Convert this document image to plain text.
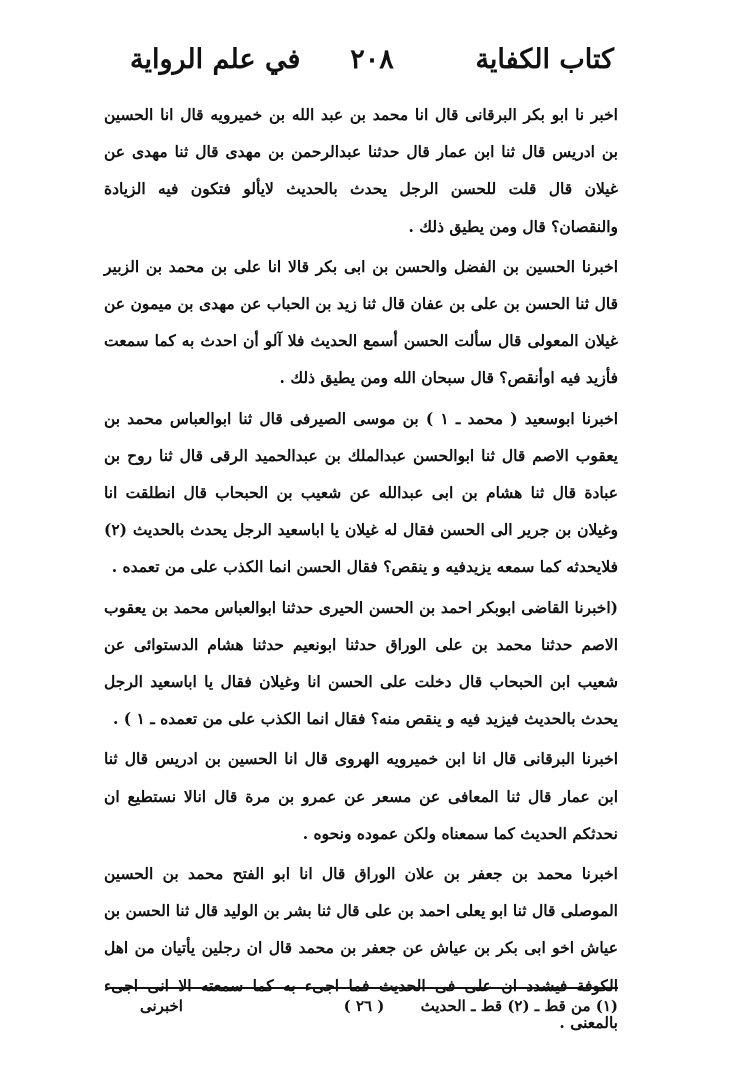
كتاب الكفاية
٢٠٨
في علم الرواية

اخبر نا ابو بكر البرقانى قال انا محمد بن عبد الله بن خميرويه قال انا الحسين بن ادريس قال ثنا ابن عمار قال حدثنا عبدالرحمن بن مهدى قال ثنا مهدى عن غيلان قال قلت للحسن الرجل يحدث بالحديث لايألو فتكون فيه الزيادة والنقصان؟ قال ومن يطيق ذلك .

اخبرنا الحسين بن الفضل والحسن بن ابى بكر قالا انا على بن محمد بن الزبير قال ثنا الحسن بن على بن عفان قال ثنا زيد بن الحباب عن مهدى بن ميمون عن غيلان المعولى قال سألت الحسن أسمع الحديث فلا آلو أن احدث به كما سمعت فأزيد فيه اوأنقص؟ قال سبحان الله ومن يطيق ذلك .

اخبرنا ابوسعيد ( محمد ـ ١ ) بن موسى الصيرفى قال ثنا ابوالعباس محمد بن يعقوب الاصم قال ثنا ابوالحسن عبدالملك بن عبدالحميد الرقى قال ثنا روح بن عبادة قال ثنا هشام بن ابى عبدالله عن شعيب بن الحبحاب قال انطلقت انا وغيلان بن جرير الى الحسن فقال له غيلان يا اباسعيد الرجل يحدث بالحديث (٢) فلايحدثه كما سمعه يزيدفيه و ينقص؟ فقال الحسن انما الكذب على من تعمده .

(اخبرنا القاضى ابوبكر احمد بن الحسن الحيرى حدثنا ابوالعباس محمد بن يعقوب الاصم حدثنا محمد بن على الوراق حدثنا ابونعيم حدثنا هشام الدستوائى عن شعيب ابن الحبحاب قال دخلت على الحسن انا وغيلان فقال يا اباسعيد الرجل يحدث بالحديث فيزيد فيه و ينقص منه؟ فقال انما الكذب على من تعمده ـ ١ ) .

اخبرنا البرقانى قال انا ابن خميرويه الهروى قال انا الحسين بن ادريس قال ثنا ابن عمار قال ثنا المعافى عن مسعر عن عمرو بن مرة قال انالا نستطيع ان نحدثكم الحديث كما سمعناه ولكن عموده ونحوه .

اخبرنا محمد بن جعفر بن علان الوراق قال انا ابو الفتح محمد بن الحسين الموصلى قال ثنا ابو يعلى احمد بن على قال ثنا بشر بن الوليد قال ثنا الحسن بن عياش اخو ابى بكر بن عياش عن جعفر بن محمد قال ان رجلين يأتيان من اهل الكوفة فيشدد ان على فى الحديث فما اجىء به كما سمعته الا انى اجىء بالمعنى .

(١) من قط ـ (٢) قط ـ الحديث
( ٢٦ )
اخبرنى
